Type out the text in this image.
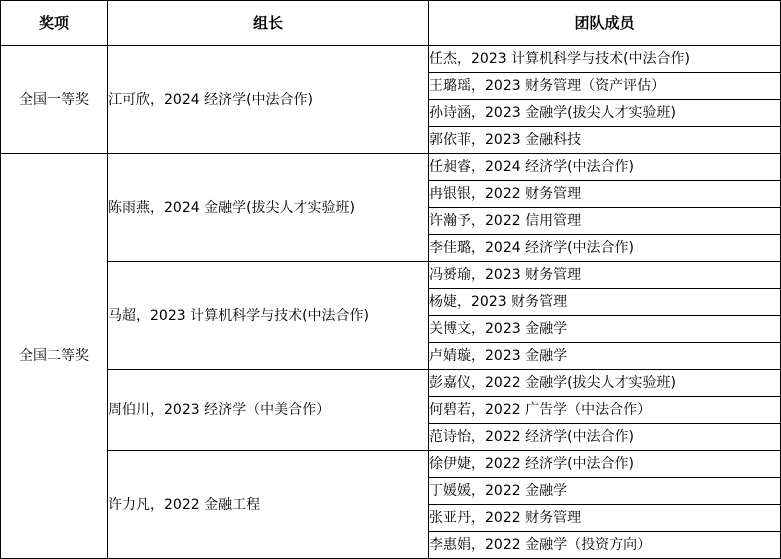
奖项	组长	团队成员
全国一等奖	江可欣，2024 经济学(中法合作)	任杰，2023 计算机科学与技术(中法合作)
		王璐瑶，2023 财务管理（资产评估）
		孙诗涵，2023 金融学(拔尖人才实验班)
		郭依菲，2023 金融科技
全国二等奖	陈雨燕，2024 金融学(拔尖人才实验班)	任昶睿，2024 经济学(中法合作)
		冉银银，2022 财务管理
		许瀚予，2022 信用管理
		李佳璐，2024 经济学(中法合作)
	马超，2023 计算机科学与技术(中法合作)	冯赟瑜，2023 财务管理
		杨婕，2023 财务管理
		关博文，2023 金融学
		卢婧璇，2023 金融学
	周伯川，2023 经济学（中美合作）	彭嘉仪，2022 金融学(拔尖人才实验班)
		何碧若，2022 广告学（中法合作）
		范诗怡，2022 经济学(中法合作)
	许力凡，2022 金融工程	徐伊婕，2022 经济学(中法合作)
		丁媛媛，2022 金融学
		张亚丹，2022 财务管理
		李惠娟，2022 金融学（投资方向）
